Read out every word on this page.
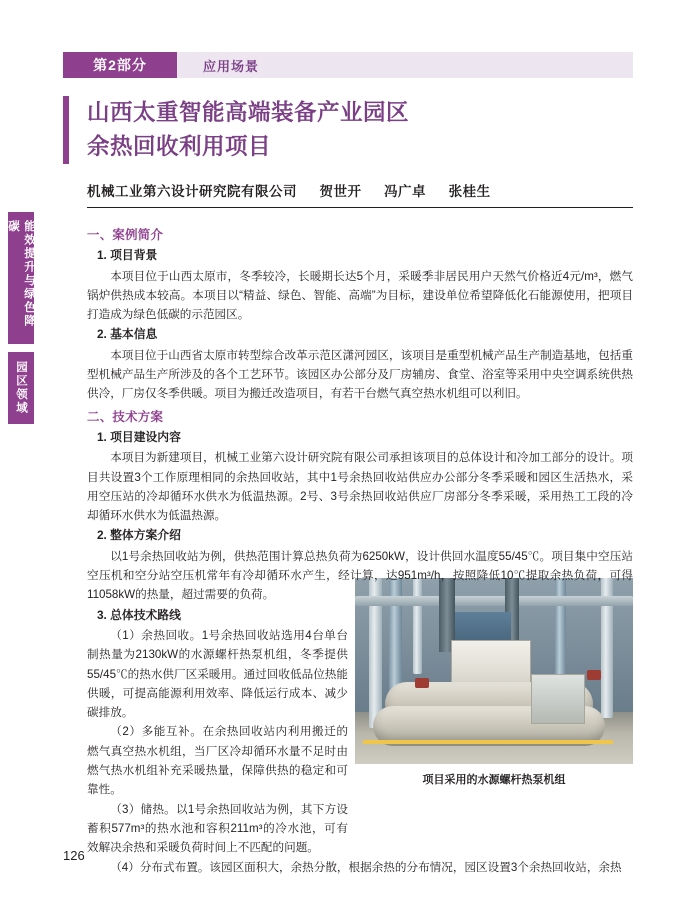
第2部分	应用场景
山西太重智能高端装备产业园区
余热回收利用项目
机械工业第六设计研究院有限公司 贺世开 冯广卓 张桂生
能效提升与绿色降碳
园区领域
项目采用的水源螺杆热泵机组
一、案例简介
1. 项目背景

本项目位于山西太原市，冬季较冷，长暖期长达5个月，采暖季非居民用户天然气价格近4元/m³，燃气锅炉供热成本较高。本项目以“精益、绿色、智能、高端”为目标，建设单位希望降低化石能源使用，把项目打造成为绿色低碳的示范园区。

2. 基本信息

本项目位于山西省太原市转型综合改革示范区潇河园区，该项目是重型机械产品生产制造基地，包括重型机械产品生产所涉及的各个工艺环节。该园区办公部分及厂房辅房、食堂、浴室等采用中央空调系统供热供冷，厂房仅冬季供暖。项目为搬迁改造项目，有若干台燃气真空热水机组可以利旧。

二、技术方案
1. 项目建设内容

本项目为新建项目，机械工业第六设计研究院有限公司承担该项目的总体设计和冷加工部分的设计。项目共设置3个工作原理相同的余热回收站，其中1号余热回收站供应办公部分冬季采暖和园区生活热水，采用空压站的冷却循环水供水为低温热源。2号、3号余热回收站供应厂房部分冬季采暖，采用热工工段的冷却循环水供水为低温热源。

2. 整体方案介绍

以1号余热回收站为例，供热范围计算总热负荷为6250kW，设计供回水温度55/45℃。项目集中空压站空压机和空分站空压机常年有冷却循环水产生，经计算，达951m³/h，按照降低10℃提取余热负荷，可得11058kW的热量，超过需要的负荷。

3. 总体技术路线

（1）余热回收。1号余热回收站选用4台单台制热量为2130kW的水源螺杆热泵机组，冬季提供55/45℃的热水供厂区采暖用。通过回收低品位热能供暖，可提高能源利用效率、降低运行成本、减少碳排放。

（2）多能互补。在余热回收站内利用搬迁的燃气真空热水机组，当厂区冷却循环水量不足时由燃气热水机组补充采暖热量，保障供热的稳定和可靠性。

（3）储热。以1号余热回收站为例，其下方设蓄积577m³的热水池和容积211m³的冷水池，可有效解决余热和采暖负荷时间上不匹配的问题。

（4）分布式布置。该园区面积大，余热分散，根据余热的分布情况，园区设置3个余热回收站，余热

126
